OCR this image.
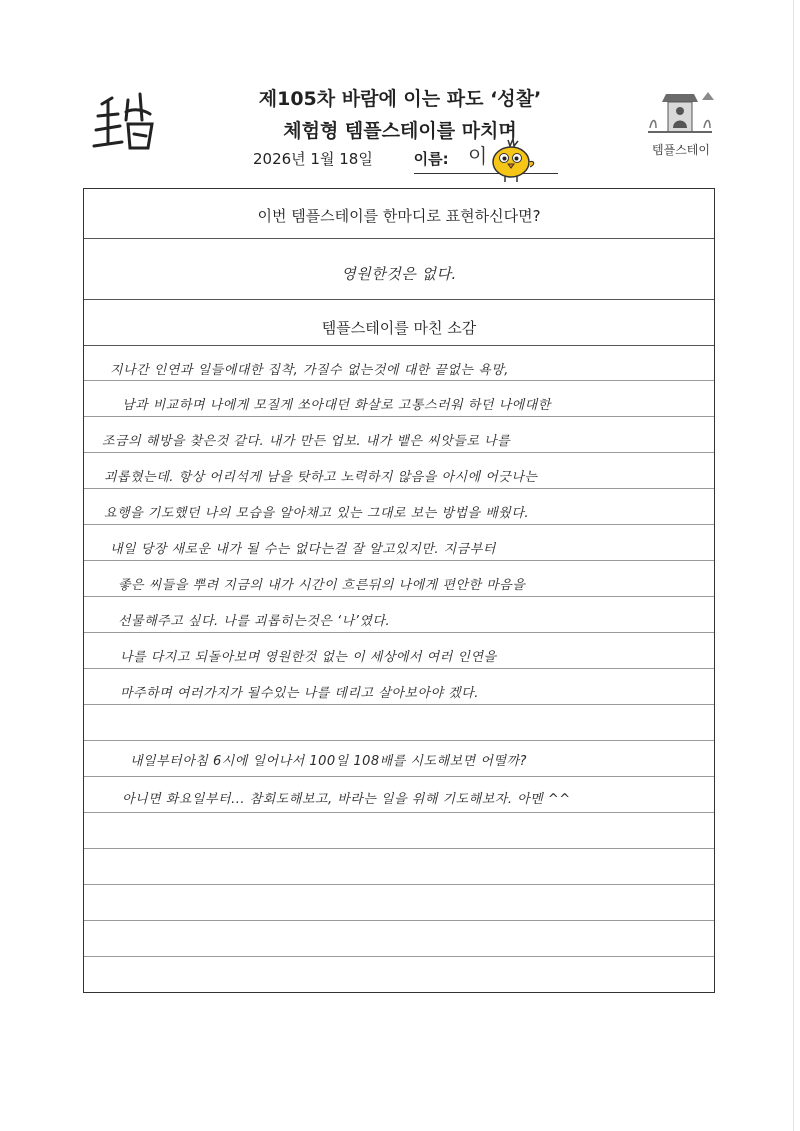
제105차 바람에 이는 파도 ‘성찰’
체험형 템플스테이를 마치며
2026년 1월 18일	이름: 이	템플스테이
이번 템플스테이를 한마디로 표현하신다면?
영원한것은 없다.
템플스테이를 마친 소감
지나간 인연과 일들에대한 집착, 가질수 없는것에 대한 끝없는 욕망,
남과 비교하며 나에게 모질게 쏘아대던 화살로 고통스러워 하던 나에대한
조금의 해방을 찾은것 같다. 내가 만든 업보. 내가 뱉은 씨앗들로 나를
괴롭혔는데. 항상 어리석게 남을 탓하고 노력하지 않음을 아시에 어긋나는
요행을 기도했던 나의 모습을 알아채고 있는 그대로 보는 방법을 배웠다.
내일 당장 새로운 내가 될 수는 없다는걸 잘 알고있지만. 지금부터
좋은 씨들을 뿌려 지금의 내가 시간이 흐른뒤의 나에게 편안한 마음을
선물해주고 싶다. 나를 괴롭히는것은 ‘나’였다.
나를 다지고 되돌아보며 영원한것 없는 이 세상에서 여러 인연을
마주하며 여러가지가 될수있는 나를 데리고 살아보아야 겠다.
내일부터아침 6시에 일어나서 100일 108배를 시도해보면 어떨까?
아니면 화요일부터... 참회도해보고, 바라는 일을 위해 기도해보자. 아멘 ^^
